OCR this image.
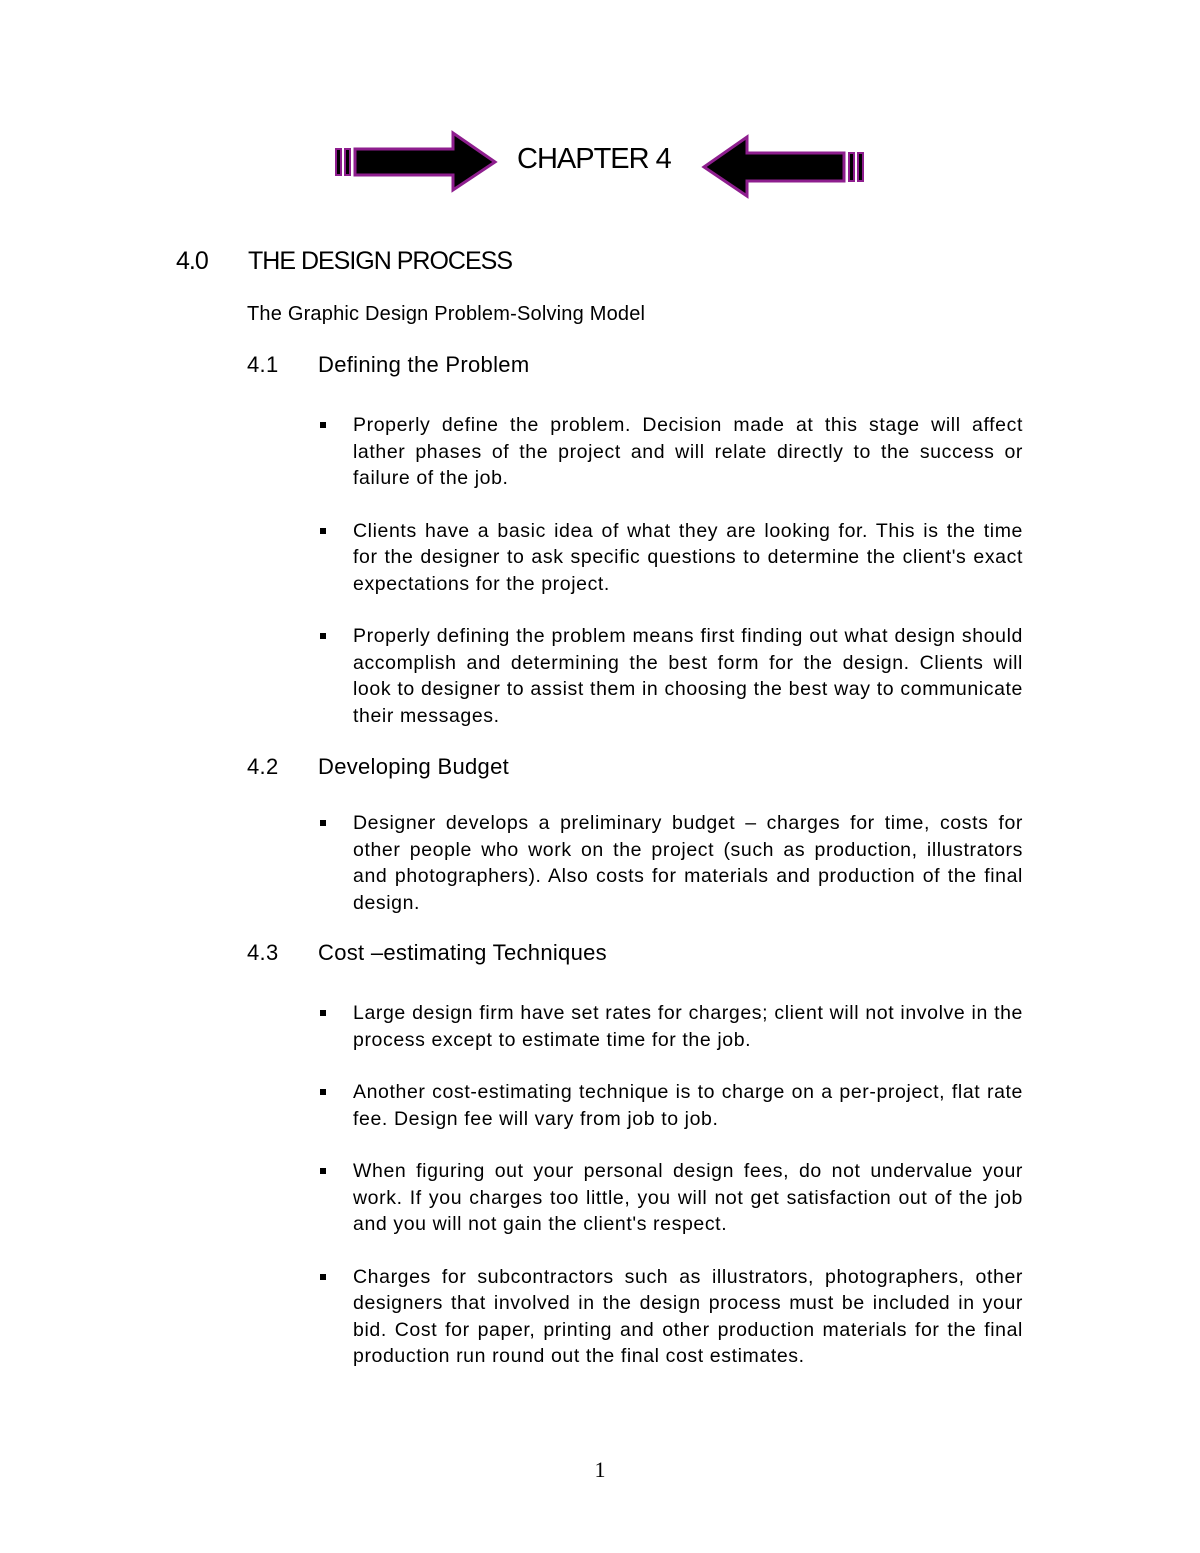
CHAPTER 4
4.0 THE DESIGN PROCESS
The Graphic Design Problem-Solving Model
4.1 Defining the Problem
Properly define the problem. Decision made at this stage will affect lather phases of the project and will relate directly to the success or failure of the job.
Clients have a basic idea of what they are looking for. This is the time for the designer to ask specific questions to determine the client's exact expectations for the project.
Properly defining the problem means first finding out what design should accomplish and determining the best form for the design. Clients will look to designer to assist them in choosing the best way to communicate their messages.
4.2 Developing Budget
Designer develops a preliminary budget – charges for time, costs for other people who work on the project (such as production, illustrators and photographers). Also costs for materials and production of the final design.
4.3 Cost –estimating Techniques
Large design firm have set rates for charges; client will not involve in the process except to estimate time for the job.
Another cost-estimating technique is to charge on a per-project, flat rate fee. Design fee will vary from job to job.
When figuring out your personal design fees, do not undervalue your work. If you charges too little, you will not get satisfaction out of the job and you will not gain the client's respect.
Charges for subcontractors such as illustrators, photographers, other designers that involved in the design process must be included in your bid. Cost for paper, printing and other production materials for the final production run round out the final cost estimates.
1
